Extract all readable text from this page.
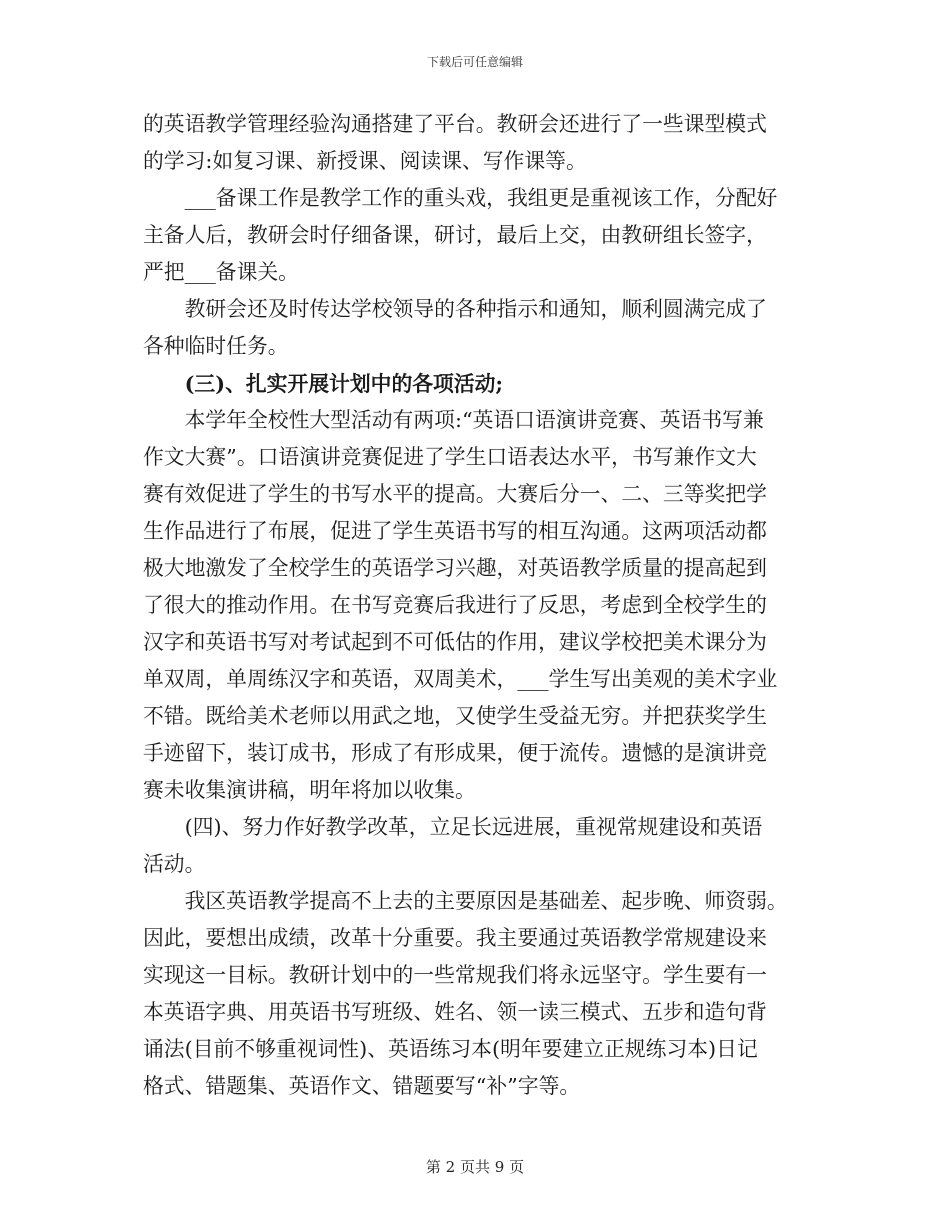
下载后可任意编辑
的英语教学管理经验沟通搭建了平台。教研会还进行了一些课型模式
的学习:如复习课、新授课、阅读课、写作课等。
　　___备课工作是教学工作的重头戏，我组更是重视该工作，分配好
主备人后，教研会时仔细备课，研讨，最后上交，由教研组长签字，
严把___备课关。
　　教研会还及时传达学校领导的各种指示和通知，顺利圆满完成了
各种临时任务。
　　(三)、扎实开展计划中的各项活动;
　　本学年全校性大型活动有两项:“英语口语演讲竞赛、英语书写兼
作文大赛”。口语演讲竞赛促进了学生口语表达水平，书写兼作文大
赛有效促进了学生的书写水平的提高。大赛后分一、二、三等奖把学
生作品进行了布展，促进了学生英语书写的相互沟通。这两项活动都
极大地激发了全校学生的英语学习兴趣，对英语教学质量的提高起到
了很大的推动作用。在书写竞赛后我进行了反思，考虑到全校学生的
汉字和英语书写对考试起到不可低估的作用，建议学校把美术课分为
单双周，单周练汉字和英语，双周美术，___学生写出美观的美术字业
不错。既给美术老师以用武之地，又使学生受益无穷。并把获奖学生
手迹留下，装订成书，形成了有形成果，便于流传。遗憾的是演讲竞
赛未收集演讲稿，明年将加以收集。
　　(四)、努力作好教学改革，立足长远进展，重视常规建设和英语
活动。
　　我区英语教学提高不上去的主要原因是基础差、起步晚、师资弱。
因此，要想出成绩，改革十分重要。我主要通过英语教学常规建设来
实现这一目标。教研计划中的一些常规我们将永远坚守。学生要有一
本英语字典、用英语书写班级、姓名、领一读三模式、五步和造句背
诵法(目前不够重视词性)、英语练习本(明年要建立正规练习本)日记
格式、错题集、英语作文、错题要写“补”字等。
第 2 页共 9 页
